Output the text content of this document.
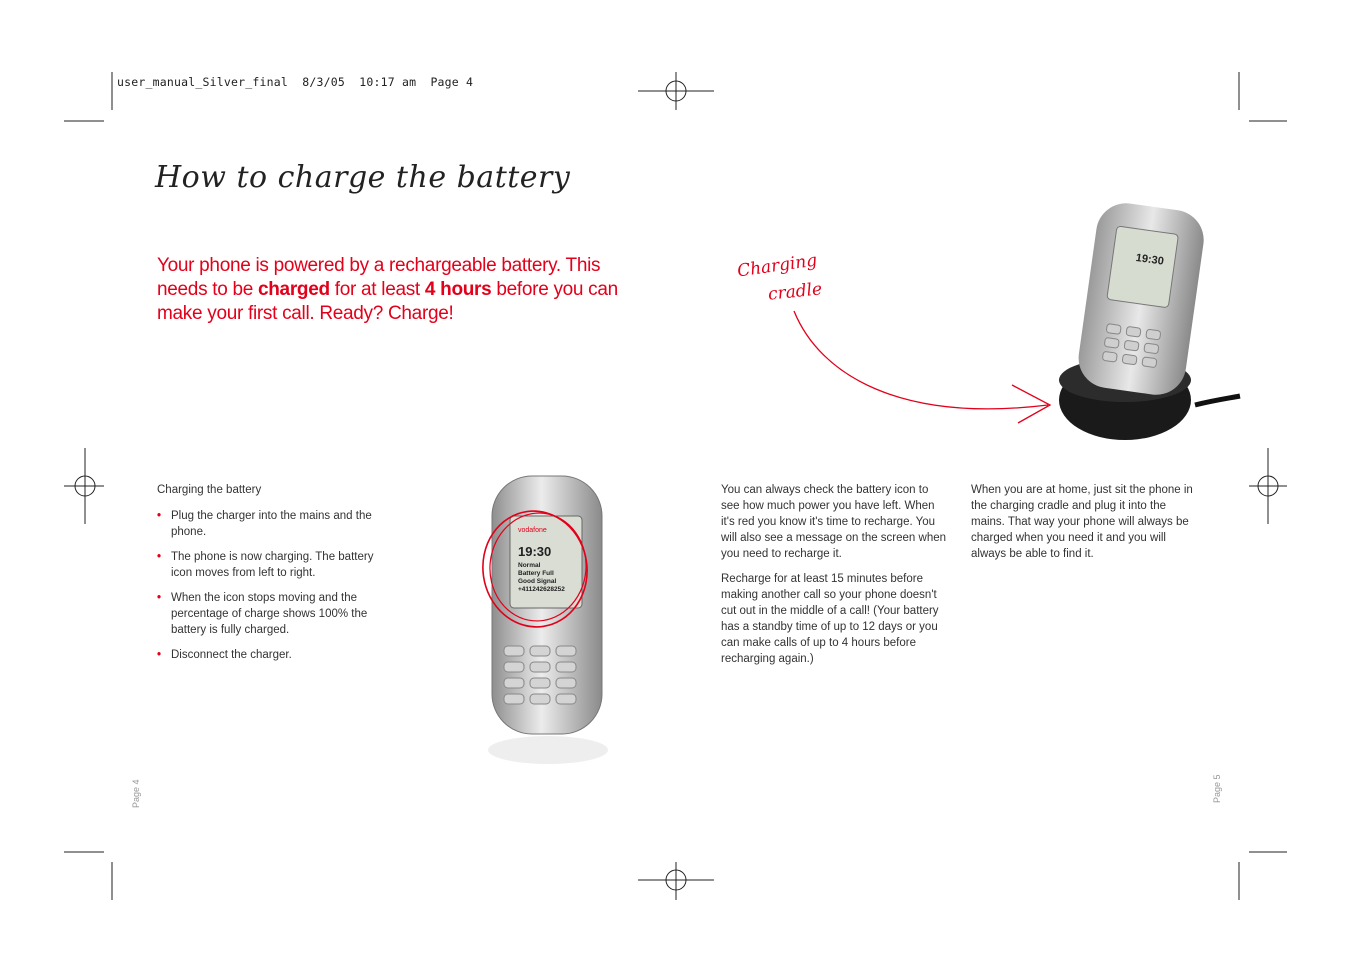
user_manual_Silver_final  8/3/05  10:17 am  Page 4
How to charge the battery

Your phone is powered by a rechargeable battery. This needs to be charged for at least 4 hours before you can make your first call. Ready? Charge!

Charging
cradle
19:30

Charging the battery

• Plug the charger into the mains and the phone.
• The phone is now charging. The battery icon moves from left to right.
• When the icon stops moving and the percentage of charge shows 100% the battery is fully charged.
• Disconnect the charger.
vodafone
19:30
Normal
Battery Full
Good Signal
+411242628252

You can always check the battery icon to see how much power you have left. When it's red you know it's time to recharge. You will also see a message on the screen when you need to recharge it.

Recharge for at least 15 minutes before making another call so your phone doesn't cut out in the middle of a call! (Your battery has a standby time of up to 12 days or you can make calls of up to 4 hours before recharging again.)

When you are at home, just sit the phone in the charging cradle and plug it into the mains. That way your phone will always be charged when you need it and you will always be able to find it.

Page 4	Page 5
